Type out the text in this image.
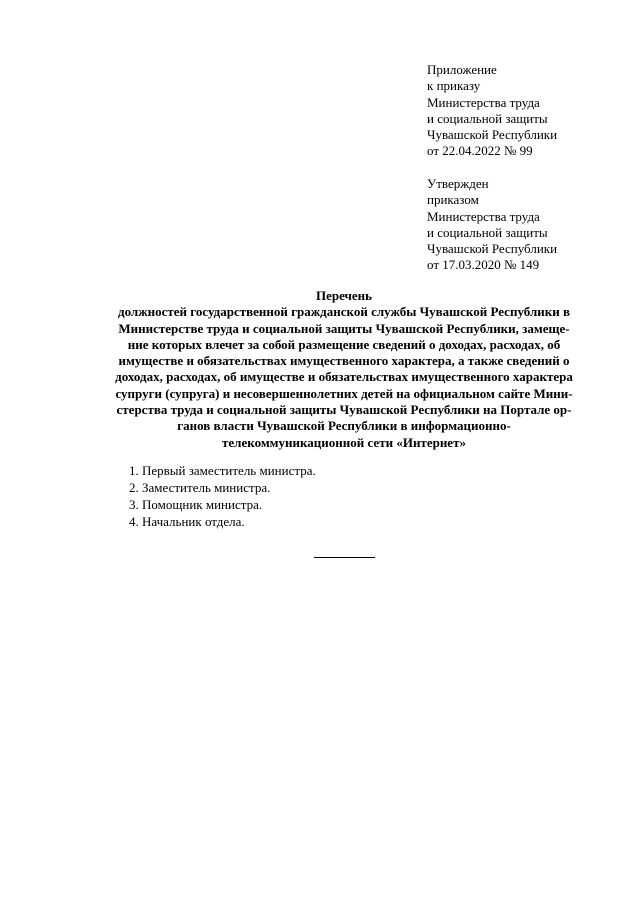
Приложение
к приказу
Министерства труда
и социальной защиты
Чувашской Республики
от 22.04.2022 № 99
Утвержден
приказом
Министерства труда
и социальной защиты
Чувашской Республики
от 17.03.2020 № 149
Перечень
должностей государственной гражданской службы Чувашской Республики в
Министерстве труда и социальной защиты Чувашской Республики, замеще-
ние которых влечет за собой размещение сведений о доходах, расходах, об
имуществе и обязательствах имущественного характера, а также сведений о
доходах, расходах, об имуществе и обязательствах имущественного характера
супруги (супруга) и несовершеннолетних детей на официальном сайте Мини-
стерства труда и социальной защиты Чувашской Республики на Портале ор-
ганов власти Чувашской Республики в информационно-
телекоммуникационной сети «Интернет»
1. Первый заместитель министра.
2. Заместитель министра.
3. Помощник министра.
4. Начальник отдела.
